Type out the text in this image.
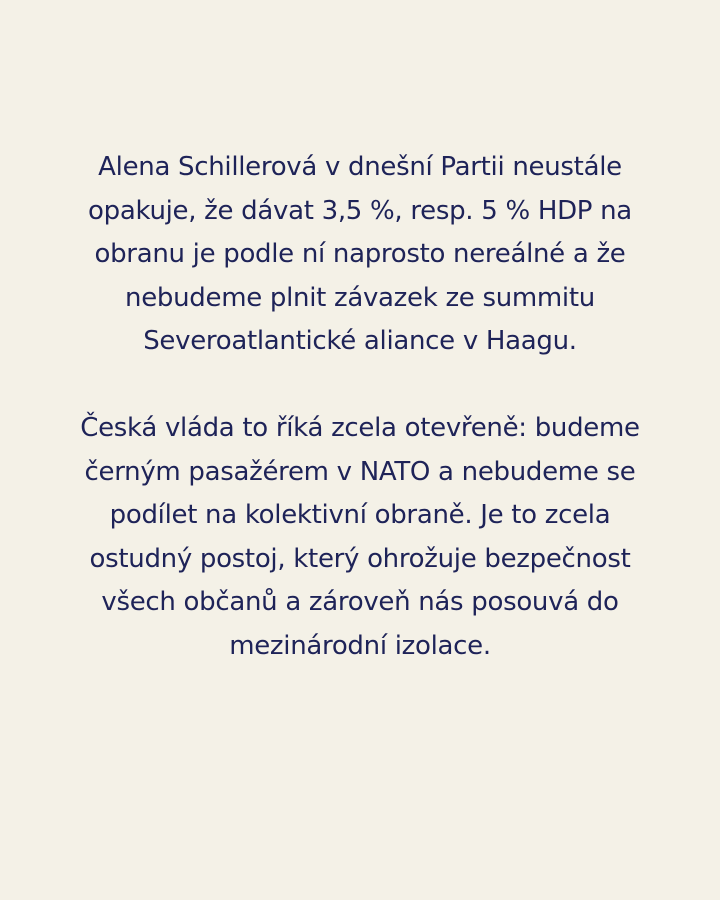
Alena Schillerová v dnešní Partii neustále opakuje, že dávat 3,5 %, resp. 5 % HDP na obranu je podle ní naprosto nereálné a že nebudeme plnit závazek ze summitu Severoatlantické aliance v Haagu.

Česká vláda to říká zcela otevřeně: budeme černým pasažérem v NATO a nebudeme se podílet na kolektivní obraně. Je to zcela ostudný postoj, který ohrožuje bezpečnost všech občanů a zároveň nás posouvá do mezinárodní izolace.
